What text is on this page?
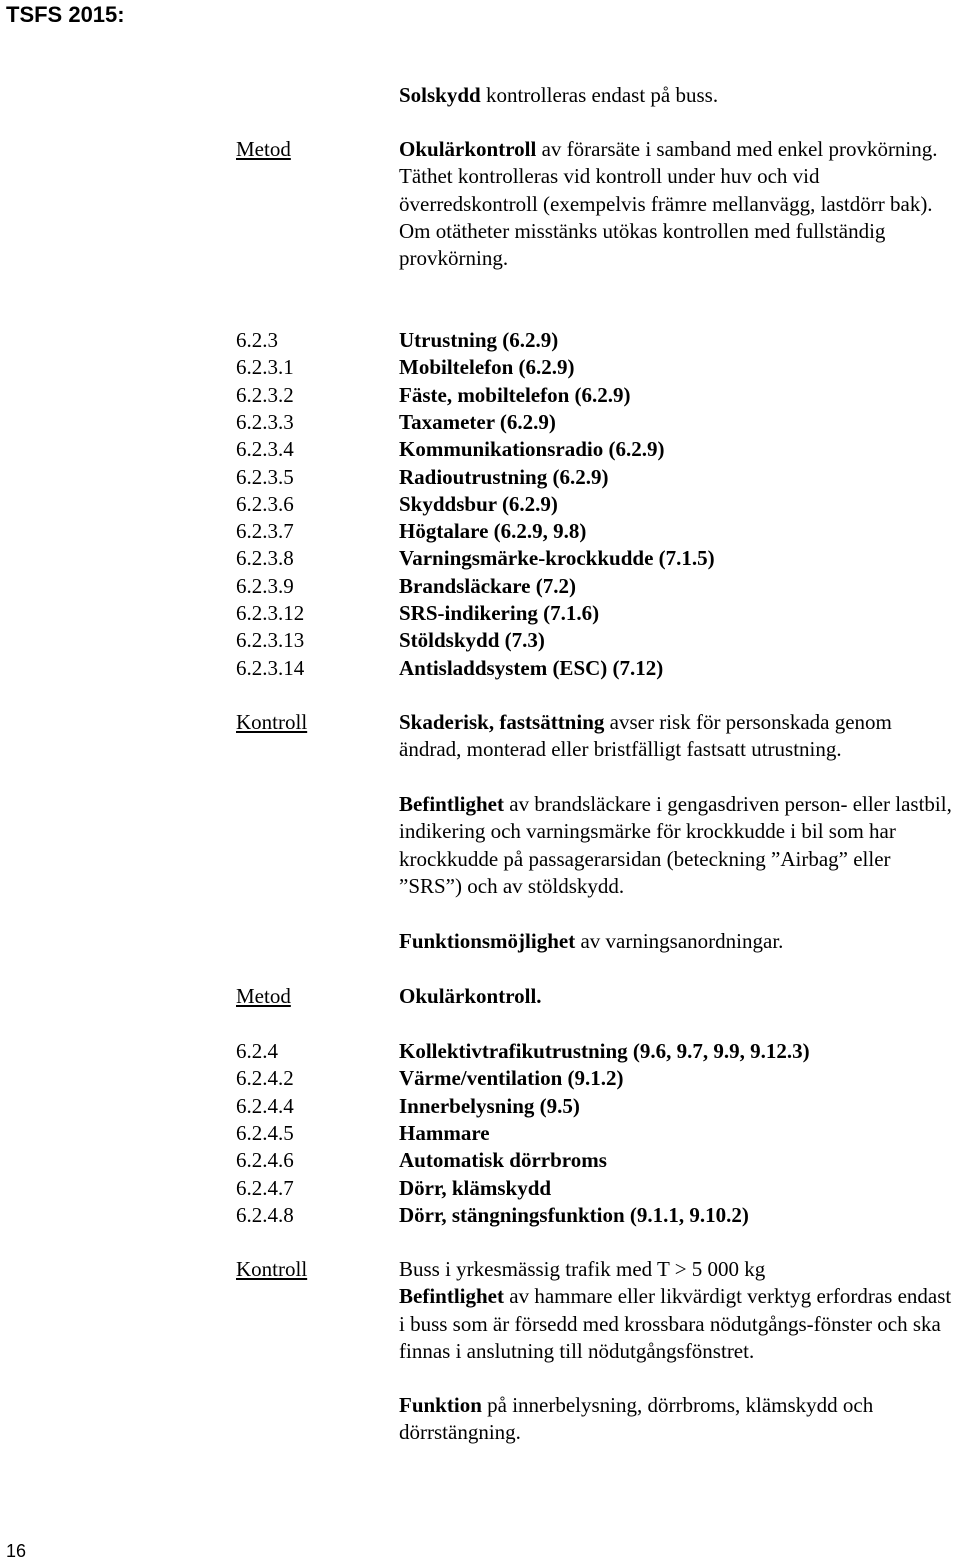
TSFS 2015:
Solskydd kontrolleras endast på buss.
Metod	Okulärkontroll av förarsäte i samband med enkel provkörning.

Täthet kontrolleras vid kontroll under huv och vid överredskontroll (exempelvis främre mellanvägg, lastdörr bak). Om otätheter misstänks utökas kontrollen med fullständig provkörning.

6.2.3	Utrustning (6.2.9)
6.2.3.1	Mobiltelefon (6.2.9)
6.2.3.2	Fäste, mobiltelefon (6.2.9)
6.2.3.3	Taxameter (6.2.9)
6.2.3.4	Kommunikationsradio (6.2.9)
6.2.3.5	Radioutrustning (6.2.9)
6.2.3.6	Skyddsbur (6.2.9)
6.2.3.7	Högtalare (6.2.9, 9.8)
6.2.3.8	Varningsmärke-krockkudde (7.1.5)
6.2.3.9	Brandsläckare (7.2)
6.2.3.12	SRS-indikering (7.1.6)
6.2.3.13	Stöldskydd (7.3)
6.2.3.14	Antisladdsystem (ESC) (7.12)
Kontroll	Skaderisk, fastsättning avser risk för personskada genom ändrad, monterad eller bristfälligt fastsatt utrustning.

Befintlighet av brandsläckare i gengasdriven person- eller lastbil, indikering och varningsmärke för krockkudde i bil som har krockkudde på passagerarsidan (beteckning ”Airbag” eller ”SRS”) och av stöldskydd.
Funktionsmöjlighet av varningsanordningar.
Metod	Okulärkontroll.
6.2.4	Kollektivtrafikutrustning (9.6, 9.7, 9.9, 9.12.3)
6.2.4.2	Värme/ventilation (9.1.2)
6.2.4.4	Innerbelysning (9.5)
6.2.4.5	Hammare
6.2.4.6	Automatisk dörrbroms
6.2.4.7	Dörr, klämskydd
6.2.4.8	Dörr, stängningsfunktion (9.1.1, 9.10.2)
Kontroll	Buss i yrkesmässig trafik med T > 5 000 kg
Befintlighet av hammare eller likvärdigt verktyg erfordras endast i buss som är försedd med krossbara nödutgångs-fönster och ska finnas i anslutning till nödutgångsfönstret.
Funktion på innerbelysning, dörrbroms, klämskydd och dörrstängning.
16
